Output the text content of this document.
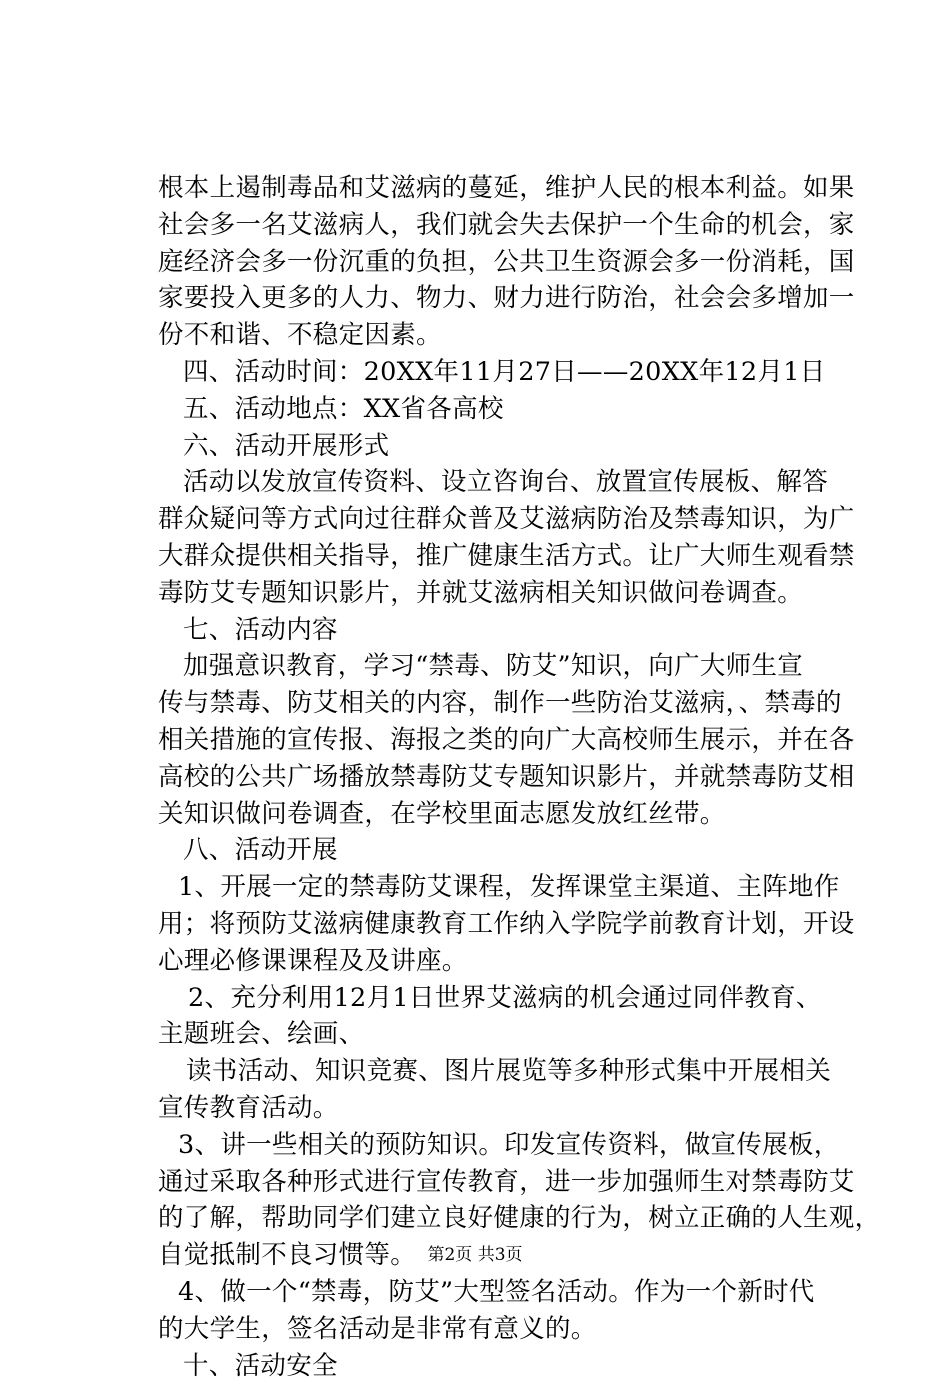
根本上遏制毒品和艾滋病的蔓延，维护人民的根本利益。如果
社会多一名艾滋病人，我们就会失去保护一个生命的机会，家
庭经济会多一份沉重的负担，公共卫生资源会多一份消耗，国
家要投入更多的人力、物力、财力进行防治，社会会多增加一
份不和谐、不稳定因素。
四、活动时间：20XX年11月27日——20XX年12月1日
五、活动地点：XX省各高校
六、活动开展形式
活动以发放宣传资料、设立咨询台、放置宣传展板、解答
群众疑问等方式向过往群众普及艾滋病防治及禁毒知识，为广
大群众提供相关指导，推广健康生活方式。让广大师生观看禁
毒防艾专题知识影片，并就艾滋病相关知识做问卷调查。
七、活动内容
加强意识教育，学习“禁毒、防艾”知识，向广大师生宣
传与禁毒、防艾相关的内容，制作一些防治艾滋病，、禁毒的
相关措施的宣传报、海报之类的向广大高校师生展示，并在各
高校的公共广场播放禁毒防艾专题知识影片，并就禁毒防艾相
关知识做问卷调查，在学校里面志愿发放红丝带。
八、活动开展
1、开展一定的禁毒防艾课程，发挥课堂主渠道、主阵地作
用；将预防艾滋病健康教育工作纳入学院学前教育计划，开设
心理必修课课程及及讲座。
2、充分利用12月1日世界艾滋病的机会通过同伴教育、
主题班会、绘画、
读书活动、知识竞赛、图片展览等多种形式集中开展相关
宣传教育活动。
3、讲一些相关的预防知识。印发宣传资料，做宣传展板，
通过采取各种形式进行宣传教育，进一步加强师生对禁毒防艾
的了解，帮助同学们建立良好健康的行为，树立正确的人生观，
自觉抵制不良习惯等。
4、做一个“禁毒，防艾”大型签名活动。作为一个新时代
的大学生，签名活动是非常有意义的。
十、活动安全
第2页 共3页
